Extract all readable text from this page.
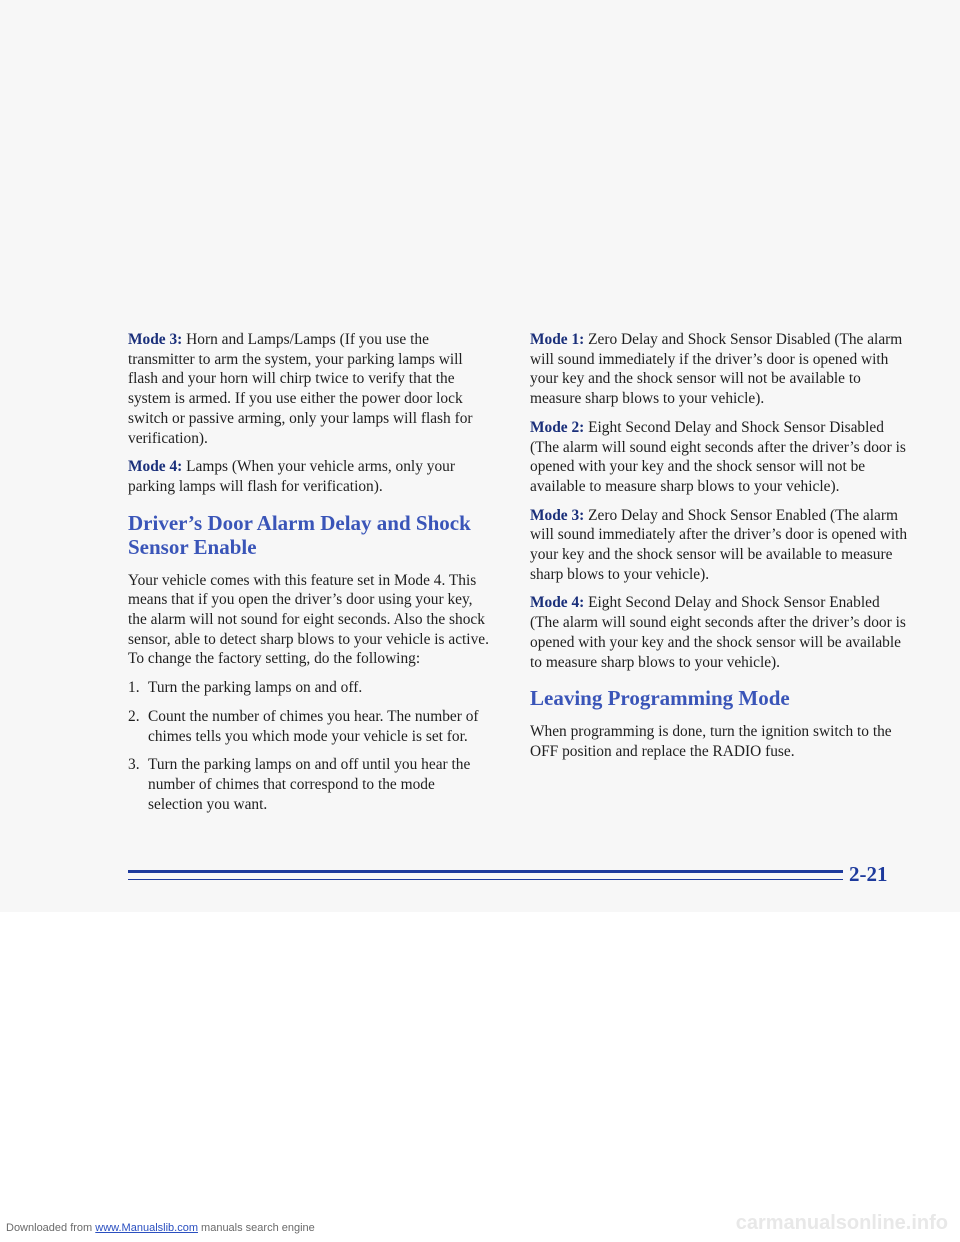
Mode 3: Horn and Lamps/Lamps (If you use the transmitter to arm the system, your parking lamps will flash and your horn will chirp twice to verify that the system is armed. If you use either the power door lock switch or passive arming, only your lamps will flash for verification).

Mode 4: Lamps (When your vehicle arms, only your parking lamps will flash for verification).

Driver’s Door Alarm Delay and Shock Sensor Enable

Your vehicle comes with this feature set in Mode 4. This means that if you open the driver’s door using your key, the alarm will not sound for eight seconds. Also the shock sensor, able to detect sharp blows to your vehicle is active. To change the factory setting, do the following:

1. Turn the parking lamps on and off.
2. Count the number of chimes you hear. The number of chimes tells you which mode your vehicle is set for.
3. Turn the parking lamps on and off until you hear the number of chimes that correspond to the mode selection you want.

Mode 1: Zero Delay and Shock Sensor Disabled (The alarm will sound immediately if the driver’s door is opened with your key and the shock sensor will not be available to measure sharp blows to your vehicle).

Mode 2: Eight Second Delay and Shock Sensor Disabled (The alarm will sound eight seconds after the driver’s door is opened with your key and the shock sensor will not be available to measure sharp blows to your vehicle).

Mode 3: Zero Delay and Shock Sensor Enabled (The alarm will sound immediately after the driver’s door is opened with your key and the shock sensor will be available to measure sharp blows to your vehicle).

Mode 4: Eight Second Delay and Shock Sensor Enabled (The alarm will sound eight seconds after the driver’s door is opened with your key and the shock sensor will be available to measure sharp blows to your vehicle).

Leaving Programming Mode

When programming is done, turn the ignition switch to the OFF position and replace the RADIO fuse.

2-21
Downloaded from www.Manualslib.com manuals search engine	carmanualsonline.info
